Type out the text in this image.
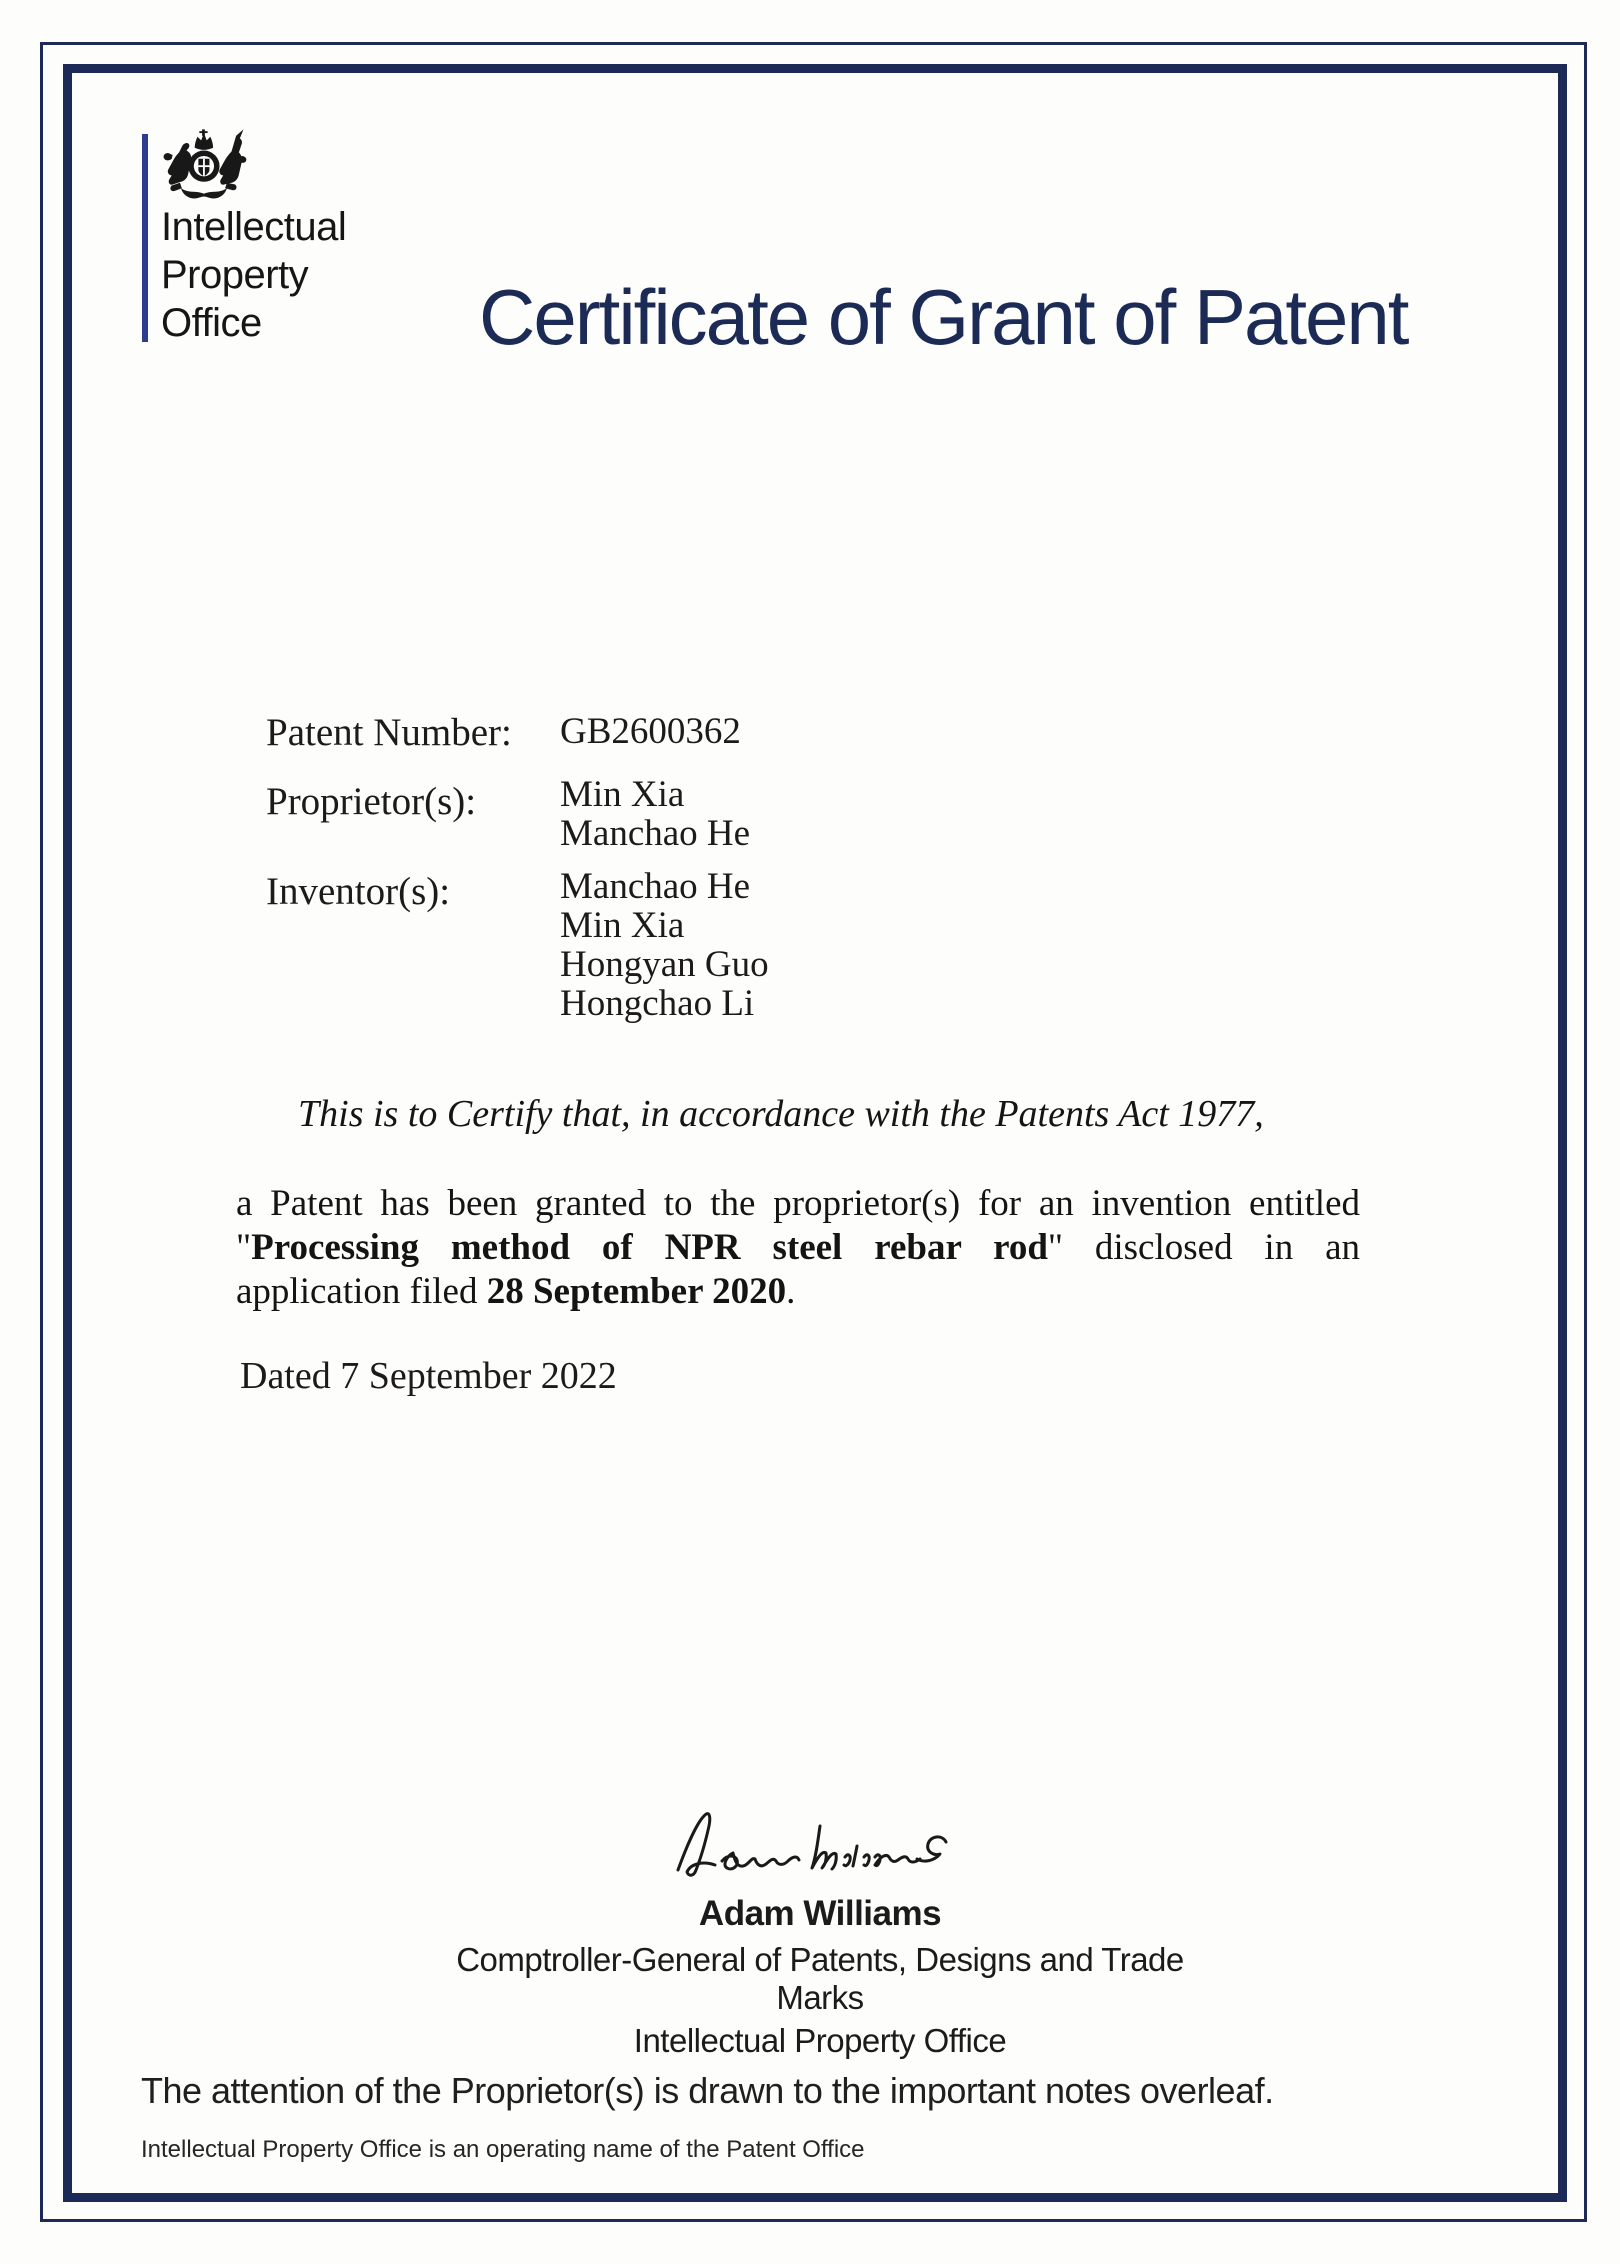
Intellectual
Property
Office	Certificate of Grant of Patent
Patent Number: GB2600362
Proprietor(s): Min Xia
Manchao He
Inventor(s):	Manchao He
Min Xia
Hongyan Guo
Hongchao Li
This is to Certify that, in accordance with the Patents Act 1977,
a Patent has been granted to the proprietor(s) for an invention entitled
"Processing method of NPR steel rebar rod" disclosed in an
application filed 28 September 2020.
Dated 7 September 2022
Adam Williams
Comptroller-General of Patents, Designs and Trade Marks
Intellectual Property Office
The attention of the Proprietor(s) is drawn to the important notes overleaf.
Intellectual Property Office is an operating name of the Patent Office
